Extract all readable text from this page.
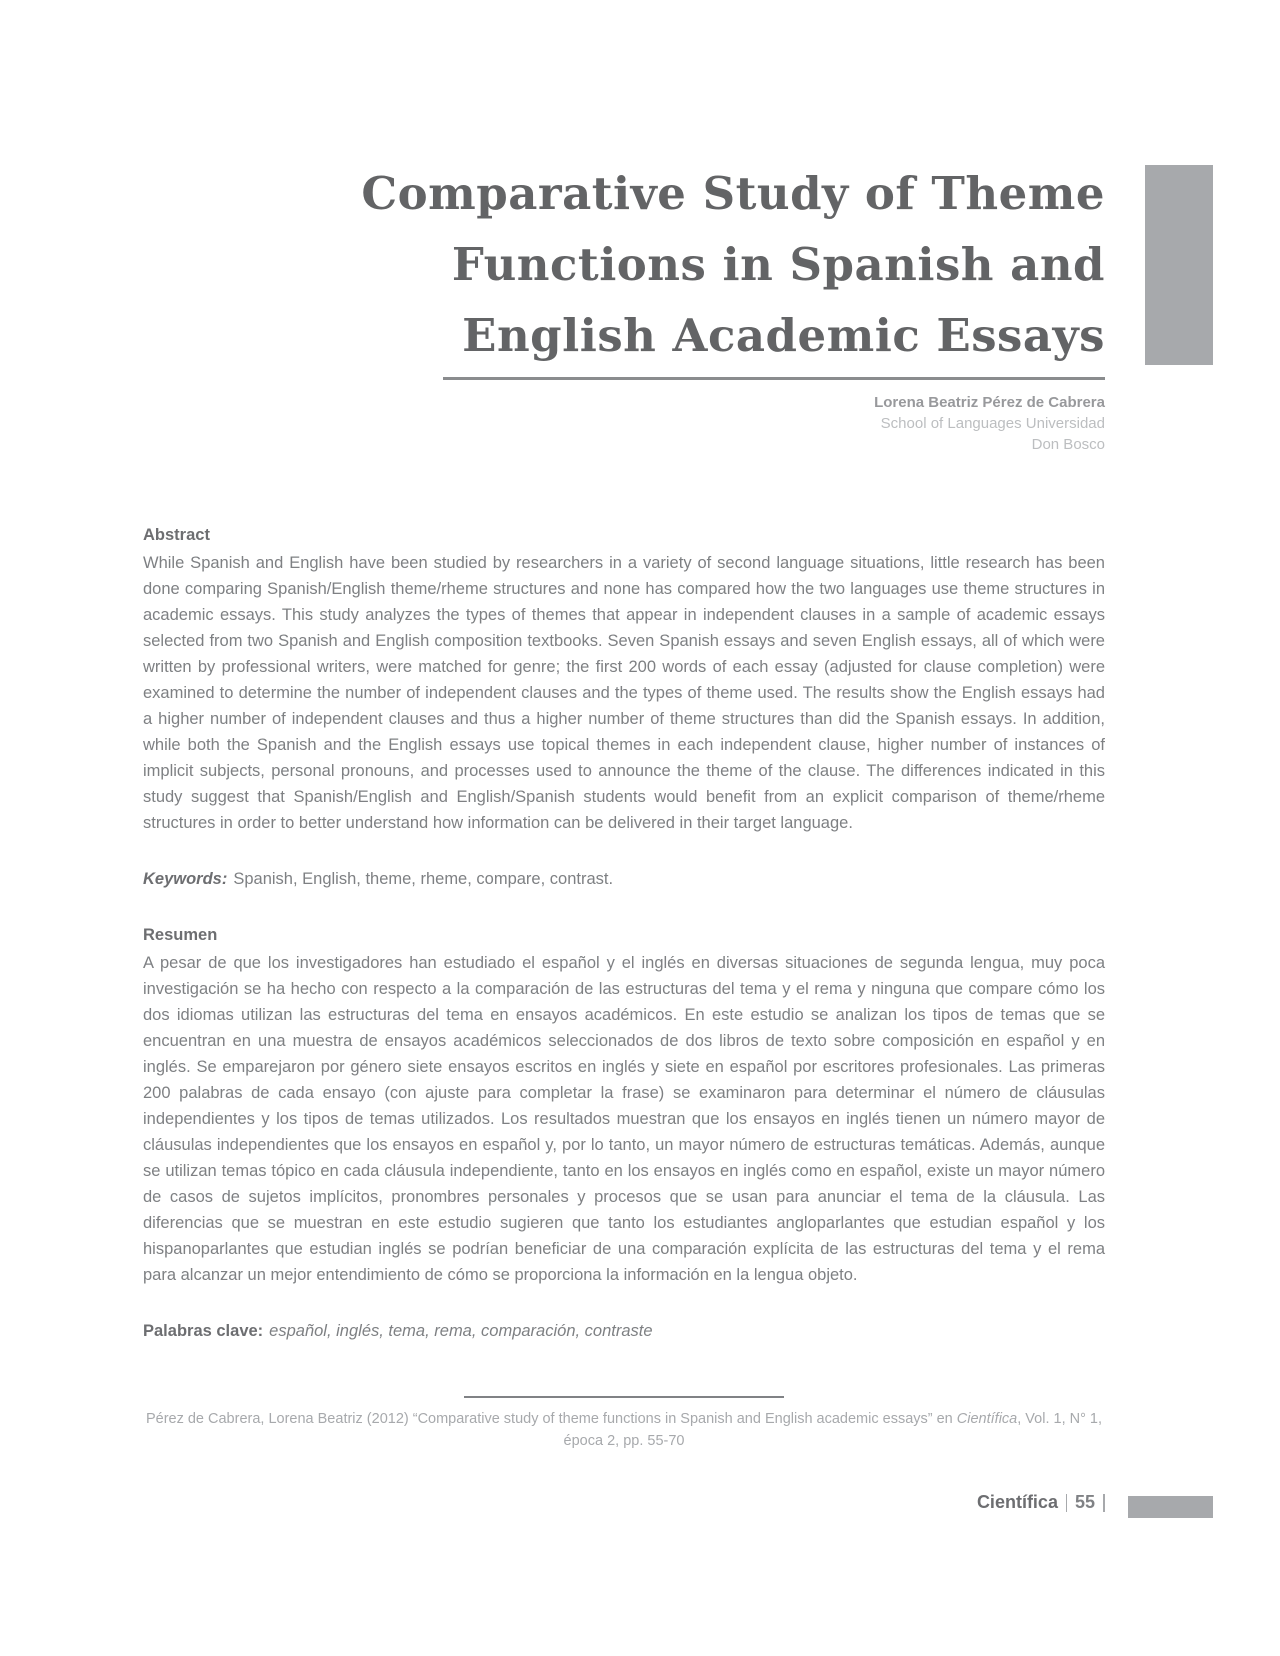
Comparative Study of Theme
Functions in Spanish and
English Academic Essays
Lorena Beatriz Pérez de Cabrera
School of Languages Universidad
Don Bosco
Abstract
While Spanish and English have been studied by researchers in a variety of second language situations, little research has been done comparing Spanish/English theme/rheme structures and none has compared how the two languages use theme structures in academic essays. This study analyzes the types of themes that appear in independent clauses in a sample of academic essays selected from two Spanish and English composition textbooks. Seven Spanish essays and seven English essays, all of which were written by professional writers, were matched for genre; the first 200 words of each essay (adjusted for clause completion) were examined to determine the number of independent clauses and the types of theme used. The results show the English essays had a higher number of independent clauses and thus a higher number of theme structures than did the Spanish essays. In addition, while both the Spanish and the English essays use topical themes in each independent clause, higher number of instances of implicit subjects, personal pronouns, and processes used to announce the theme of the clause. The differences indicated in this study suggest that Spanish/English and English/Spanish students would benefit from an explicit comparison of theme/rheme structures in order to better understand how information can be delivered in their target language.
Keywords: Spanish, English, theme, rheme, compare, contrast.
Resumen
A pesar de que los investigadores han estudiado el español y el inglés en diversas situaciones de segunda lengua, muy poca investigación se ha hecho con respecto a la comparación de las estructuras del tema y el rema y ninguna que compare cómo los dos idiomas utilizan las estructuras del tema en ensayos académicos. En este estudio se analizan los tipos de temas que se encuentran en una muestra de ensayos académicos seleccionados de dos libros de texto sobre composición en español y en inglés. Se emparejaron por género siete ensayos escritos en inglés y siete en español por escritores profesionales. Las primeras 200 palabras de cada ensayo (con ajuste para completar la frase) se examinaron para determinar el número de cláusulas independientes y los tipos de temas utilizados. Los resultados muestran que los ensayos en inglés tienen un número mayor de cláusulas independientes que los ensayos en español y, por lo tanto, un mayor número de estructuras temáticas. Además, aunque se utilizan temas tópico en cada cláusula independiente, tanto en los ensayos en inglés como en español, existe un mayor número de casos de sujetos implícitos, pronombres personales y procesos que se usan para anunciar el tema de la cláusula. Las diferencias que se muestran en este estudio sugieren que tanto los estudiantes angloparlantes que estudian español y los hispanoparlantes que estudian inglés se podrían beneficiar de una comparación explícita de las estructuras del tema y el rema para alcanzar un mejor entendimiento de cómo se proporciona la información en la lengua objeto.
Palabras clave: español, inglés, tema, rema, comparación, contraste
Pérez de Cabrera, Lorena Beatriz (2012) “Comparative study of theme functions in Spanish and English academic essays” en Científica, Vol. 1, N° 1, época 2, pp. 55-70
Científica 55
